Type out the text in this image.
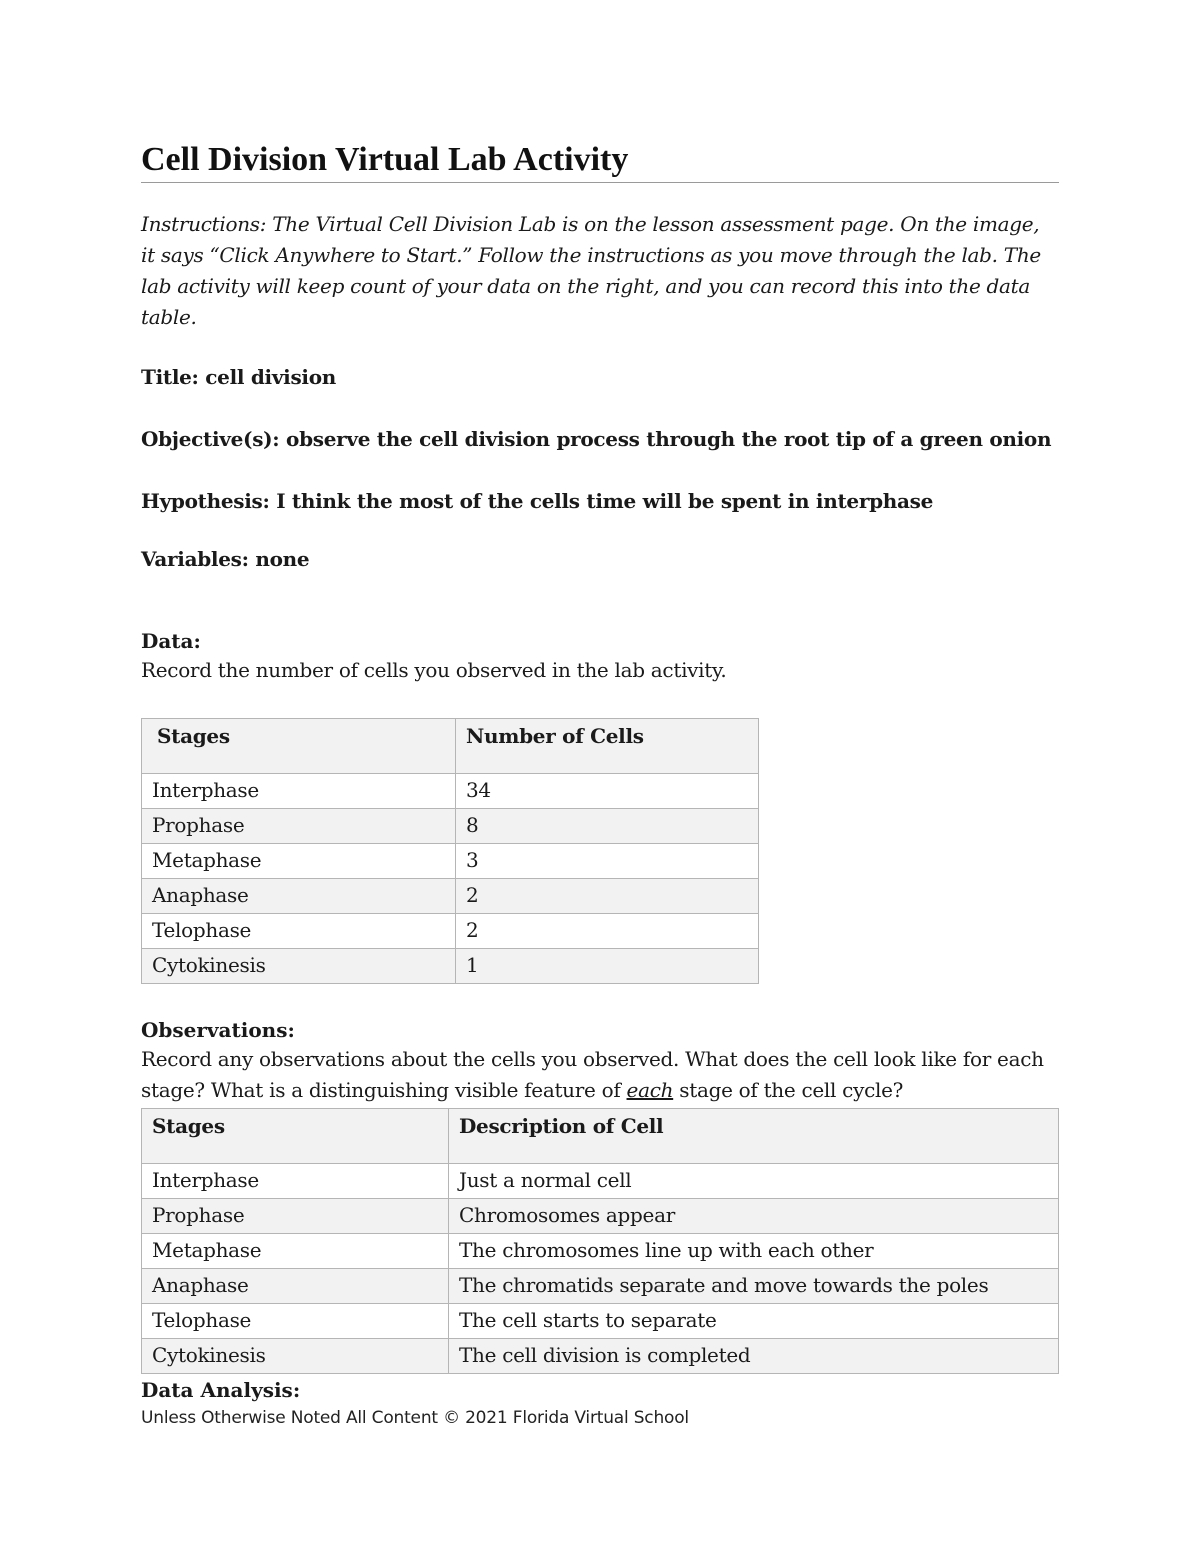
Cell Division Virtual Lab Activity

Instructions: The Virtual Cell Division Lab is on the lesson assessment page. On the image, it says “Click Anywhere to Start.” Follow the instructions as you move through the lab. The lab activity will keep count of your data on the right, and you can record this into the data table.

Title: cell division

Objective(s): observe the cell division process through the root tip of a green onion

Hypothesis: I think the most of the cells time will be spent in interphase

Variables: none

Data:

Record the number of cells you observed in the lab activity.

Stages	Number of Cells
Interphase	34
Prophase	8
Metaphase	3
Anaphase	2
Telophase	2
Cytokinesis	1

Observations:

Record any observations about the cells you observed. What does the cell look like for each stage? What is a distinguishing visible feature of each stage of the cell cycle?

Stages	Description of Cell
Interphase	Just a normal cell
Prophase	Chromosomes appear
Metaphase	The chromosomes line up with each other
Anaphase	The chromatids separate and move towards the poles
Telophase	The cell starts to separate
Cytokinesis	The cell division is completed

Data Analysis:

Unless Otherwise Noted All Content © 2021 Florida Virtual School
